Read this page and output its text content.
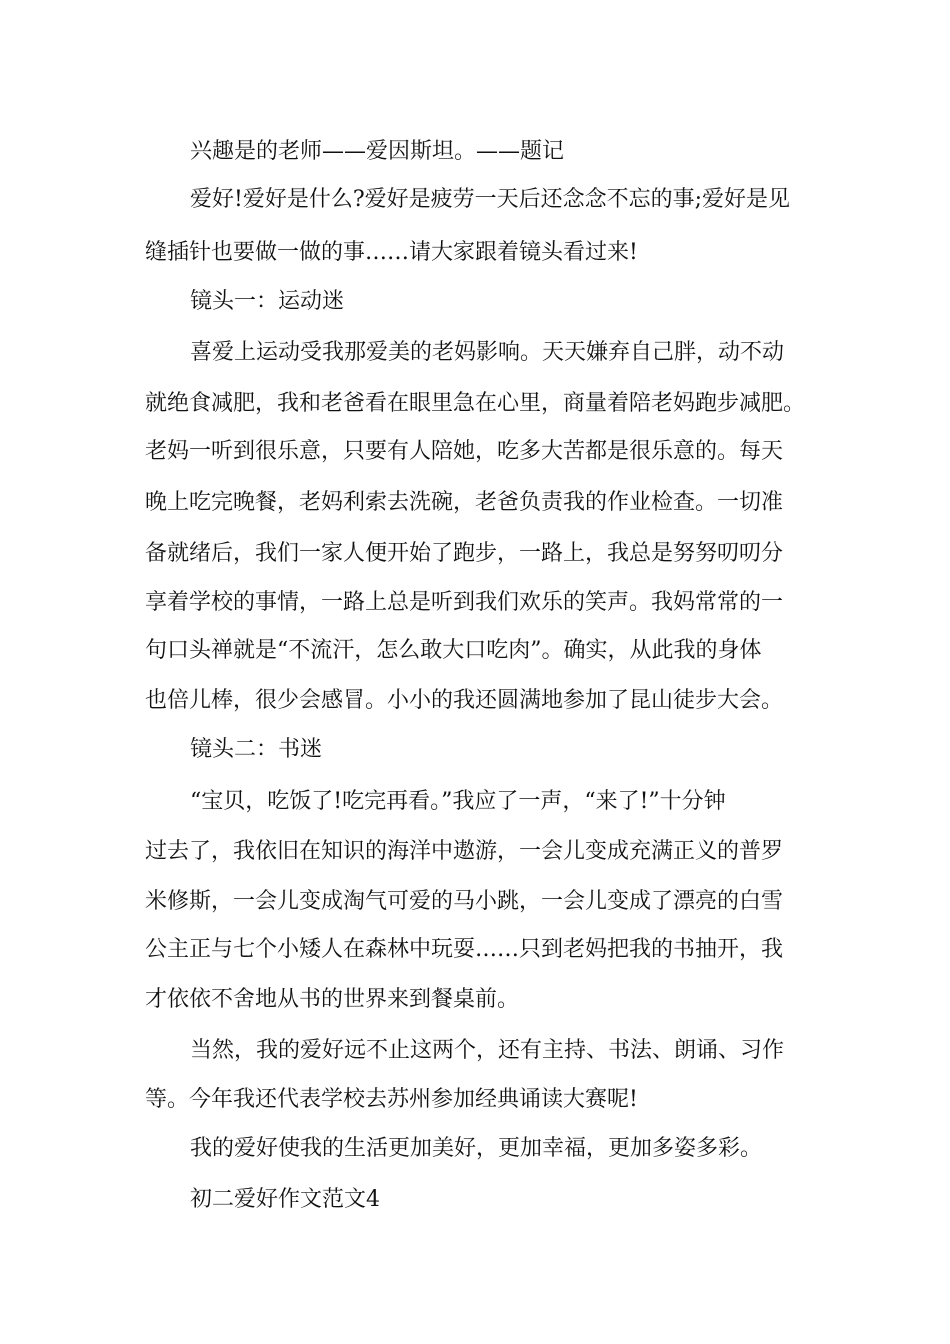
兴趣是的老师——爱因斯坦。——题记
爱好!爱好是什么?爱好是疲劳一天后还念念不忘的事;爱好是见
缝插针也要做一做的事……请大家跟着镜头看过来!
镜头一：运动迷
喜爱上运动受我那爱美的老妈影响。天天嫌弃自己胖，动不动
就绝食减肥，我和老爸看在眼里急在心里，商量着陪老妈跑步减肥。
老妈一听到很乐意，只要有人陪她，吃多大苦都是很乐意的。每天
晚上吃完晚餐，老妈利索去洗碗，老爸负责我的作业检查。一切准
备就绪后，我们一家人便开始了跑步，一路上，我总是努努叨叨分
享着学校的事情，一路上总是听到我们欢乐的笑声。我妈常常的一
句口头禅就是“不流汗，怎么敢大口吃肉”。确实，从此我的身体
也倍儿棒，很少会感冒。小小的我还圆满地参加了昆山徒步大会。
镜头二：书迷
“宝贝，吃饭了!吃完再看。”我应了一声，“来了!”十分钟
过去了，我依旧在知识的海洋中遨游，一会儿变成充满正义的普罗
米修斯，一会儿变成淘气可爱的马小跳，一会儿变成了漂亮的白雪
公主正与七个小矮人在森林中玩耍……只到老妈把我的书抽开，我
才依依不舍地从书的世界来到餐桌前。
当然，我的爱好远不止这两个，还有主持、书法、朗诵、习作
等。今年我还代表学校去苏州参加经典诵读大赛呢!
我的爱好使我的生活更加美好，更加幸福，更加多姿多彩。
初二爱好作文范文4
